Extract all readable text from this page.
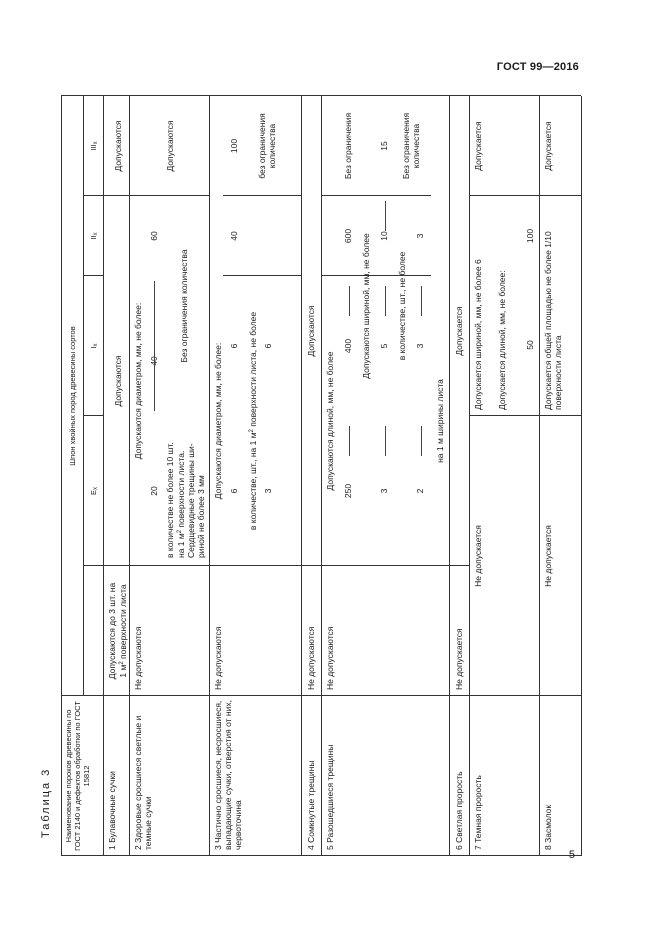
ГОСТ 99—2016
5
Таблица 3 Наименование пороков древесины по ГОСТ 2140 и дефектов обработки по ГОСТ 15812
Шпон хвойных пород древесины сортов
Ex
Ix
IIx
IIIx
1 Булавочные сучки
Допускаются до 3 шт. на
1 $м^2$ поверхности листа
Допускаются
Допускаются
2 Здоровые сросшиеся светлые и темные сучки
Не допускаются
Допускаются диаметром, мм, не более:
20
40
60
в количестве не более 10 шт.
на 1 $м^2$ поверхности листа.
Сердцевидные трещины ши-
риной не более 3 мм
Без ограничения количества
Допускаются
3 Частично сросшиеся, несросшиеся, выпадающие сучки, отверстия от них, червоточина
Не допускаются
Допускаются диаметром, мм, не более: 6
6
40
100
в количестве, шт., на 1 $м^2$ поверхности листа, не более
3
6
без ограничения количества
4 Сомкнутые трещины
Не допускаются
Допускаются
5 Разошедшиеся трещины
Не допускаются
Допускаются длиной, мм, не более
250
400
600
Без ограничения
Допускаются шириной, мм, не более
3
5
10
15
в количестве, шт., не более
2
3
3
Без ограничения количества
на 1 м ширины листа
6 Светлая прорость
Не допускается
Допускается
7 Темная прорость
Не допускается
Допускается шириной, мм, не более 6 Допускается длиной, мм, не более: 50
100
Допускается
8 Засмолок
Не допускается
Допускается общей площадью не более 1/10 поверхности листа
Допускается
